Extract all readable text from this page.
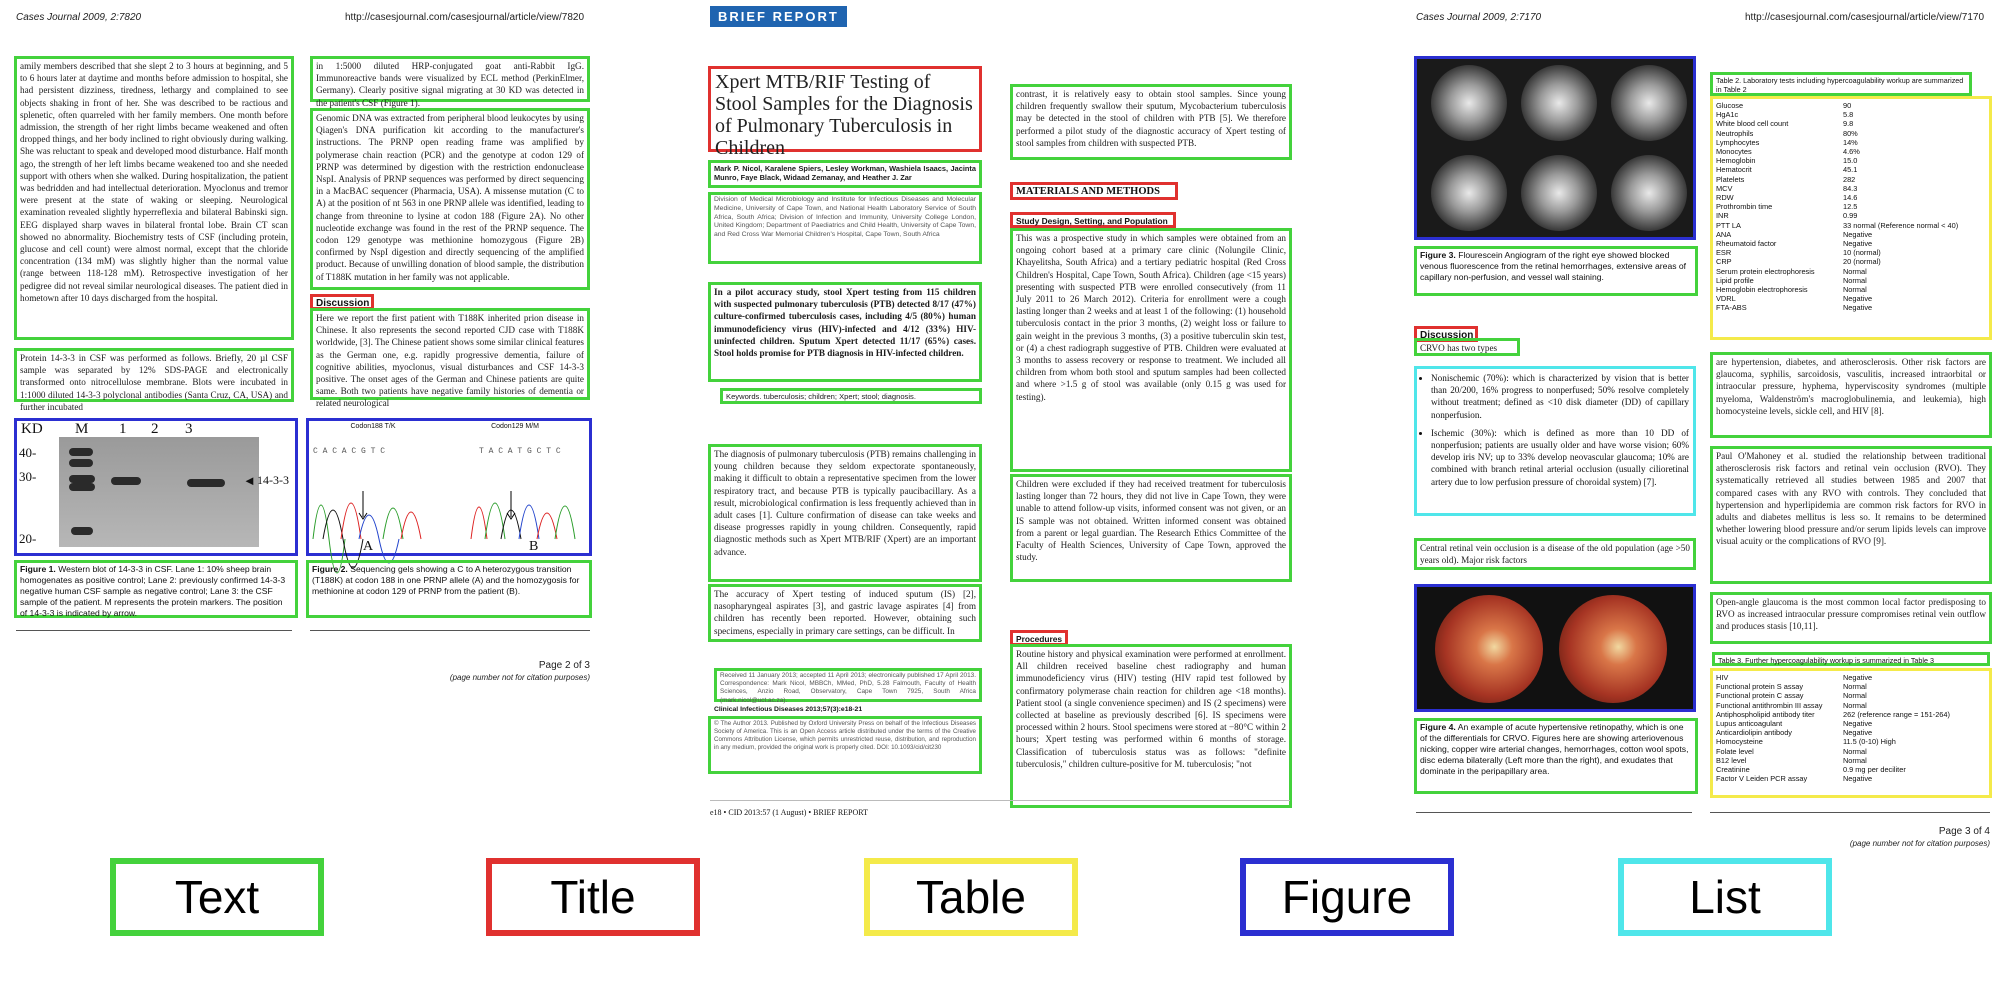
Cases Journal 2009, 2:7820	http://casesjournal.com/casesjournal/article/view/7820
amily members described that she slept 2 to 3 hours at beginning, and 5 to 6 hours later at daytime and months before admission to hospital, she had persistent dizziness, tiredness, lethargy and complained to see objects shaking in front of her. She was described to be ractious and splenetic, often quarreled with her family members. One month before admission, the strength of her right limbs became weakened and often dropped things, and her body inclined to right obviously during walking. She was reluctant to speak and developed mood disturbance. Half month ago, the strength of her left limbs became weakened too and she needed support with others when she walked. During hospitalization, the patient was bedridden and had intellectual deterioration. Myoclonus and tremor were present at the state of waking or sleeping. Neurological examination revealed slightly hyperreflexia and bilateral Babinski sign. EEG displayed sharp waves in bilateral frontal lobe. Brain CT scan showed no abnormality. Biochemistry tests of CSF (including protein, glucose and cell count) were almost normal, except that the chloride concentration (134 mM) was slightly higher than the normal value (range between 118-128 mM). Retrospective investigation of her pedigree did not reveal similar neurological diseases. The patient died in hometown after 10 days discharged from the hospital.
Protein 14-3-3 in CSF was performed as follows. Briefly, 20 µl CSF sample was separated by 12% SDS-PAGE and electronically transformed onto nitrocellulose membrane. Blots were incubated in 1:1000 diluted 14-3-3 polyclonal antibodies (Santa Cruz, CA, USA) and further incubated
in 1:5000 diluted HRP-conjugated goat anti-Rabbit IgG. Immunoreactive bands were visualized by ECL method (PerkinElmer, Germany). Clearly positive signal migrating at 30 KD was detected in the patient's CSF (Figure 1).
Genomic DNA was extracted from peripheral blood leukocytes by using Qiagen's DNA purification kit according to the manufacturer's instructions. The PRNP open reading frame was amplified by polymerase chain reaction (PCR) and the genotype at codon 129 of PRNP was determined by digestion with the restriction endonuclease NspI. Analysis of PRNP sequences was performed by direct sequencing in a MacBAC sequencer (Pharmacia, USA). A missense mutation (C to A) at the position of nt 563 in one PRNP allele was identified, leading to change from threonine to lysine at codon 188 (Figure 2A). No other nucleotide exchange was found in the rest of the PRNP sequence. The codon 129 genotype was methionine homozygous (Figure 2B) confirmed by NspI digestion and directly sequencing of the amplified product. Because of unwilling donation of blood sample, the distribution of T188K mutation in her family was not applicable.
Discussion
Here we report the first patient with T188K inherited prion disease in Chinese. It also represents the second reported CJD case with T188K worldwide, [3]. The Chinese patient shows some similar clinical features as the German one, e.g. rapidly progressive dementia, failure of cognitive abilities, myoclonus, visual disturbances and CSF 14-3-3 positive. The onset ages of the German and Chinese patients are quite same. Both two patients have negative family histories of dementia or related neurological
KD M 1 2 3
40-
30-
20-
◄ 14-3-3
Codon188 T/K	Codon129 M/M
C A C A C G T C	T A C A T G C T C
A	B
Figure 1. Western blot of 14-3-3 in CSF. Lane 1: 10% sheep brain homogenates as positive control; Lane 2: previously confirmed 14-3-3 negative human CSF sample as negative control; Lane 3: the CSF sample of the patient. M represents the protein markers. The position of 14-3-3 is indicated by arrow.
Figure 2. Sequencing gels showing a C to A heterozygous transition (T188K) at codon 188 in one PRNP allele (A) and the homozygosis for methionine at codon 129 of PRNP from the patient (B).
Page 2 of 3
(page number not for citation purposes)
BRIEF REPORT
Xpert MTB/RIF Testing of Stool Samples for the Diagnosis of Pulmonary Tuberculosis in Children
Mark P. Nicol, Karalene Spiers, Lesley Workman, Washiela Isaacs, Jacinta Munro, Faye Black, Widaad Zemanay, and Heather J. Zar
Division of Medical Microbiology and Institute for Infectious Diseases and Molecular Medicine, University of Cape Town, and National Health Laboratory Service of South Africa, South Africa; Division of Infection and Immunity, University College London, United Kingdom; Department of Paediatrics and Child Health, University of Cape Town, and Red Cross War Memorial Children's Hospital, Cape Town, South Africa
In a pilot accuracy study, stool Xpert testing from 115 children with suspected pulmonary tuberculosis (PTB) detected 8/17 (47%) culture-confirmed tuberculosis cases, including 4/5 (80%) human immunodeficiency virus (HIV)-infected and 4/12 (33%) HIV-uninfected children. Sputum Xpert detected 11/17 (65%) cases. Stool holds promise for PTB diagnosis in HIV-infected children.
Keywords. tuberculosis; children; Xpert; stool; diagnosis.
The diagnosis of pulmonary tuberculosis (PTB) remains challenging in young children because they seldom expectorate spontaneously, making it difficult to obtain a representative specimen from the lower respiratory tract, and because PTB is typically paucibacillary. As a result, microbiological confirmation is less frequently achieved than in adult cases [1]. Culture confirmation of disease can take weeks and disease progresses rapidly in young children. Consequently, rapid diagnostic methods such as Xpert MTB/RIF (Xpert) are an important advance.
The accuracy of Xpert testing of induced sputum (IS) [2], nasopharyngeal aspirates [3], and gastric lavage aspirates [4] from children has recently been reported. However, obtaining such specimens, especially in primary care settings, can be difficult. In
Received 11 January 2013; accepted 11 April 2013; electronically published 17 April 2013. Correspondence: Mark Nicol, MBBCh, MMed, PhD, 5.28 Falmouth, Faculty of Health Sciences, Anzio Road, Observatory, Cape Town 7925, South Africa (mark.nicol@uct.ac.za).
Clinical Infectious Diseases 2013;57(3):e18-21
© The Author 2013. Published by Oxford University Press on behalf of the Infectious Diseases Society of America. This is an Open Access article distributed under the terms of the Creative Commons Attribution License, which permits unrestricted reuse, distribution, and reproduction in any medium, provided the original work is properly cited. DOI: 10.1093/cid/cit230
contrast, it is relatively easy to obtain stool samples. Since young children frequently swallow their sputum, Mycobacterium tuberculosis may be detected in the stool of children with PTB [5]. We therefore performed a pilot study of the diagnostic accuracy of Xpert testing of stool samples from children with suspected PTB.
MATERIALS AND METHODS
Study Design, Setting, and Population
This was a prospective study in which samples were obtained from an ongoing cohort based at a primary care clinic (Nolungile Clinic, Khayelitsha, South Africa) and a tertiary pediatric hospital (Red Cross Children's Hospital, Cape Town, South Africa). Children (age <15 years) presenting with suspected PTB were enrolled consecutively (from 11 July 2011 to 26 March 2012). Criteria for enrollment were a cough lasting longer than 2 weeks and at least 1 of the following: (1) household tuberculosis contact in the prior 3 months, (2) weight loss or failure to gain weight in the previous 3 months, (3) a positive tuberculin skin test, or (4) a chest radiograph suggestive of PTB. Children were evaluated at 3 months to assess recovery or response to treatment. We included all children from whom both stool and sputum samples had been collected and where >1.5 g of stool was available (only 0.15 g was used for testing).
Children were excluded if they had received treatment for tuberculosis lasting longer than 72 hours, they did not live in Cape Town, they were unable to attend follow-up visits, informed consent was not given, or an IS sample was not obtained. Written informed consent was obtained from a parent or legal guardian. The Research Ethics Committee of the Faculty of Health Sciences, University of Cape Town, approved the study.
Procedures
Routine history and physical examination were performed at enrollment. All children received baseline chest radiography and human immunodeficiency virus (HIV) testing (HIV rapid test followed by confirmatory polymerase chain reaction for children age <18 months). Patient stool (a single convenience specimen) and IS (2 specimens) were collected at baseline as previously described [6]. IS specimens were processed within 2 hours. Stool specimens were stored at −80°C within 2 hours; Xpert testing was performed within 6 months of storage. Classification of tuberculosis status was as follows: "definite tuberculosis," children culture-positive for M. tuberculosis; "not
e18 • CID 2013:57 (1 August) • BRIEF REPORT
Cases Journal 2009, 2:7170	http://casesjournal.com/casesjournal/article/view/7170
Figure 3. Flourescein Angiogram of the right eye showed blocked venous fluorescence from the retinal hemorrhages, extensive areas of capillary non-perfusion, and vessel wall staining.
Discussion
CRVO has two types
• Nonischemic (70%): which is characterized by vision that is better than 20/200, 16% progress to nonperfused; 50% resolve completely without treatment; defined as <10 disk diameter (DD) of capillary nonperfusion.
• Ischemic (30%): which is defined as more than 10 DD of nonperfusion; patients are usually older and have worse vision; 60% develop iris NV; up to 33% develop neovascular glaucoma; 10% are combined with branch retinal arterial occlusion (usually cilioretinal artery due to low perfusion pressure of choroidal system) [7].
Central retinal vein occlusion is a disease of the old population (age >50 years old). Major risk factors
Figure 4. An example of acute hypertensive retinopathy, which is one of the differentials for CRVO. Figures here are showing arteriovenous nicking, copper wire arterial changes, hemorrhages, cotton wool spots, disc edema bilaterally (Left more than the right), and exudates that dominate in the peripapillary area.
Table 2. Laboratory tests including hypercoagulability workup are summarized in Table 2
Glucose	90
HgA1c	5.8
White blood cell count	9.8
Neutrophils	80%
Lymphocytes	14%
Monocytes	4.6%
Hemoglobin	15.0
Hematocrit	45.1
Platelets	282
MCV	84.3
RDW	14.6
Prothrombin time	12.5
INR	0.99
PTT LA	33 normal (Reference normal < 40)
ANA	Negative
Rheumatoid factor	Negative
ESR	10 (normal)
CRP	20 (normal)
Serum protein electrophoresis	Normal
Lipid profile	Normal
Hemoglobin electrophoresis	Normal
VDRL	Negative
FTA-ABS	Negative
are hypertension, diabetes, and atherosclerosis. Other risk factors are glaucoma, syphilis, sarcoidosis, vasculitis, increased intraorbital or intraocular pressure, hyphema, hyperviscosity syndromes (multiple myeloma, Waldenström's macroglobulinemia, and leukemia), high homocysteine levels, sickle cell, and HIV [8].
Paul O'Mahoney et al. studied the relationship between traditional atherosclerosis risk factors and retinal vein occlusion (RVO). They systematically retrieved all studies between 1985 and 2007 that compared cases with any RVO with controls. They concluded that hypertension and hyperlipidemia are common risk factors for RVO in adults and diabetes mellitus is less so. It remains to be determined whether lowering blood pressure and/or serum lipids levels can improve visual acuity or the complications of RVO [9].
Open-angle glaucoma is the most common local factor predisposing to RVO as increased intraocular pressure compromises retinal vein outflow and produces stasis [10,11].
Table 3. Further hypercoagulability workup is summarized in Table 3
HIV	Negative
Functional protein S assay	Normal
Functional protein C assay	Normal
Functional antithrombin III assay	Normal
Antiphospholipid antibody titer	262 (reference range = 151-264)
Lupus anticoagulant	Negative
Anticardiolipin antibody	Negative
Homocysteine	11.5 (0-10) High
Folate level	Normal
B12 level	Normal
Creatinine	0.9 mg per deciliter
Factor V Leiden PCR assay	Negative
Page 3 of 4
(page number not for citation purposes)
Text	Title	Table	Figure	List
